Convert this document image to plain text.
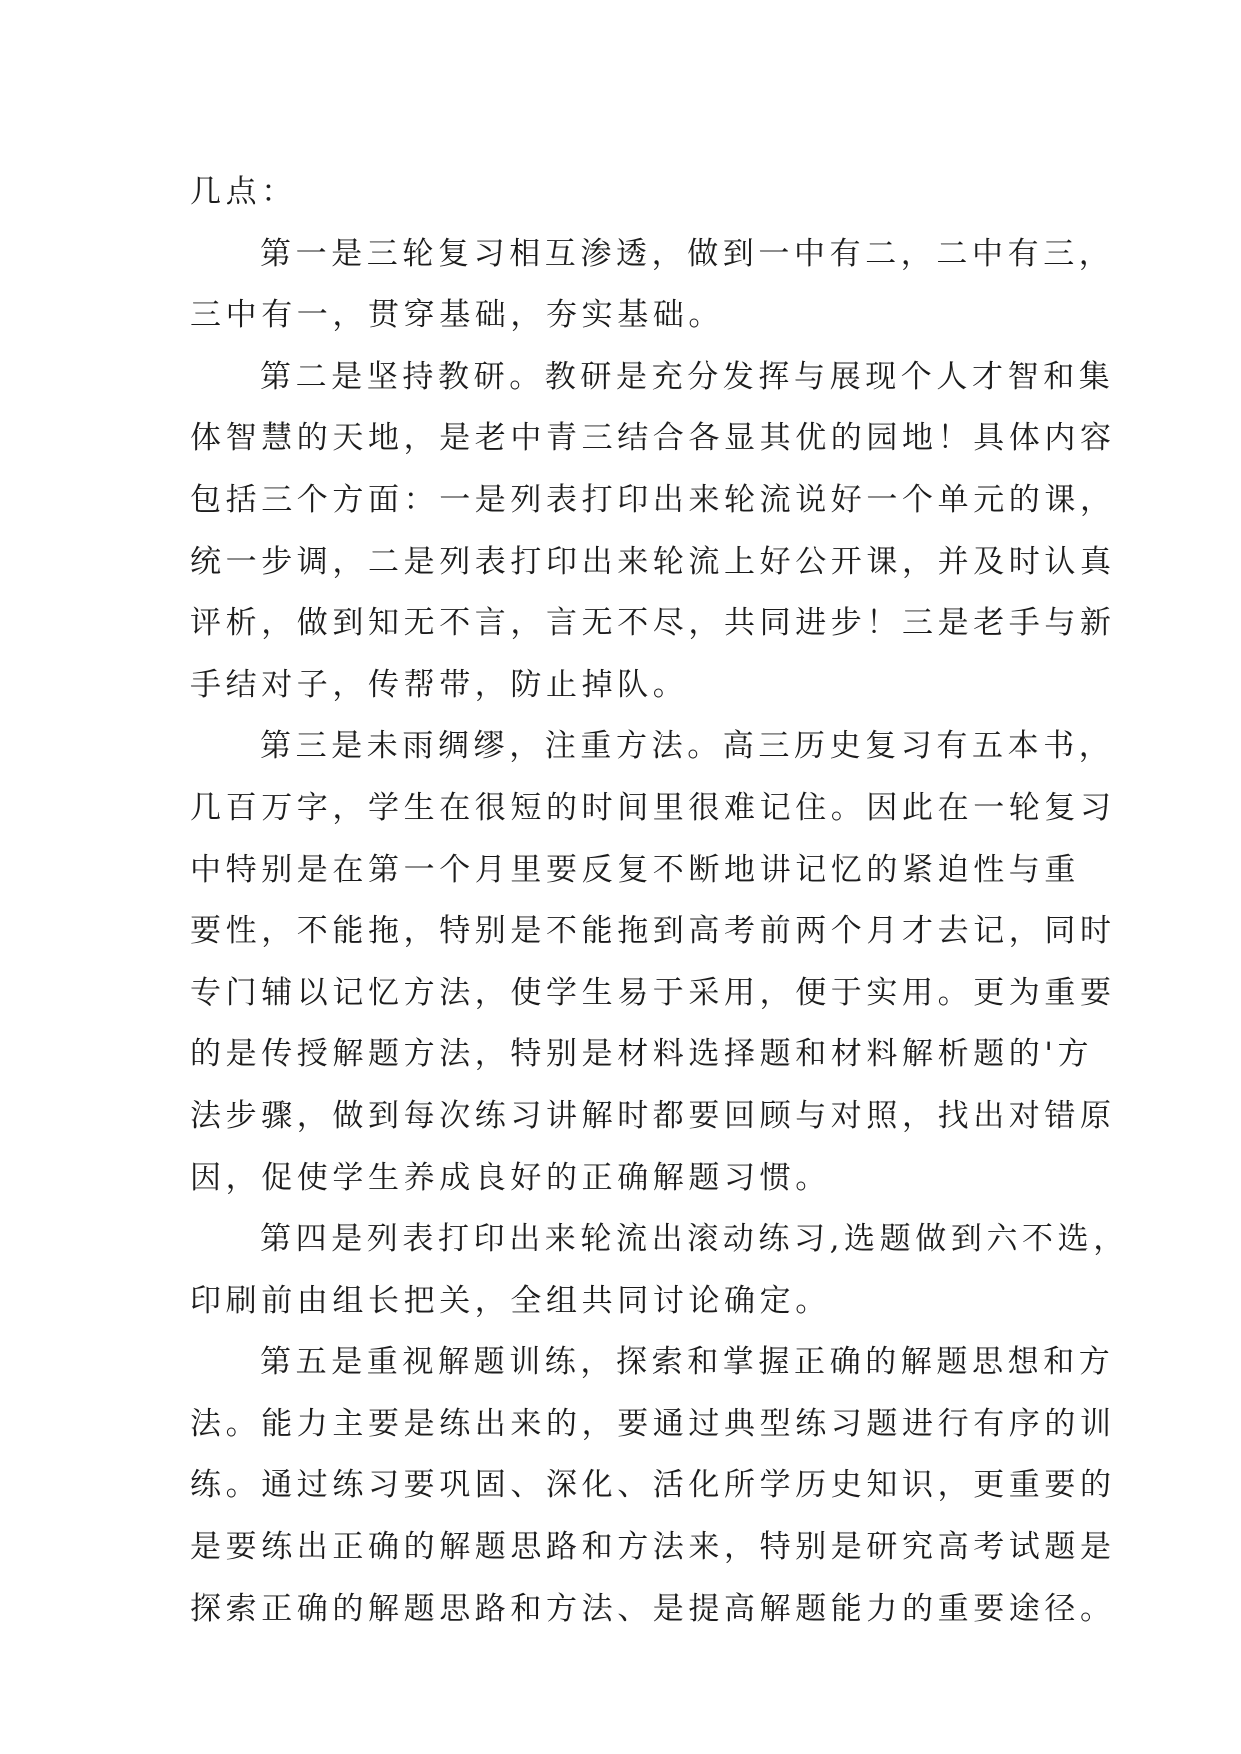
几点：
第一是三轮复习相互渗透，做到一中有二，二中有三，
三中有一，贯穿基础，夯实基础。
第二是坚持教研。教研是充分发挥与展现个人才智和集
体智慧的天地，是老中青三结合各显其优的园地！具体内容
包括三个方面：一是列表打印出来轮流说好一个单元的课，
统一步调，二是列表打印出来轮流上好公开课，并及时认真
评析，做到知无不言，言无不尽，共同进步！三是老手与新
手结对子，传帮带，防止掉队。
第三是未雨绸缪，注重方法。高三历史复习有五本书，
几百万字，学生在很短的时间里很难记住。因此在一轮复习
中特别是在第一个月里要反复不断地讲记忆的紧迫性与重
要性，不能拖，特别是不能拖到高考前两个月才去记，同时
专门辅以记忆方法，使学生易于采用，便于实用。更为重要
的是传授解题方法，特别是材料选择题和材料解析题的'方
法步骤，做到每次练习讲解时都要回顾与对照，找出对错原
因，促使学生养成良好的正确解题习惯。
第四是列表打印出来轮流出滚动练习,选题做到六不选，
印刷前由组长把关，全组共同讨论确定。
第五是重视解题训练，探索和掌握正确的解题思想和方
法。能力主要是练出来的，要通过典型练习题进行有序的训
练。通过练习要巩固、深化、活化所学历史知识，更重要的
是要练出正确的解题思路和方法来，特别是研究高考试题是
探索正确的解题思路和方法、是提高解题能力的重要途径。
